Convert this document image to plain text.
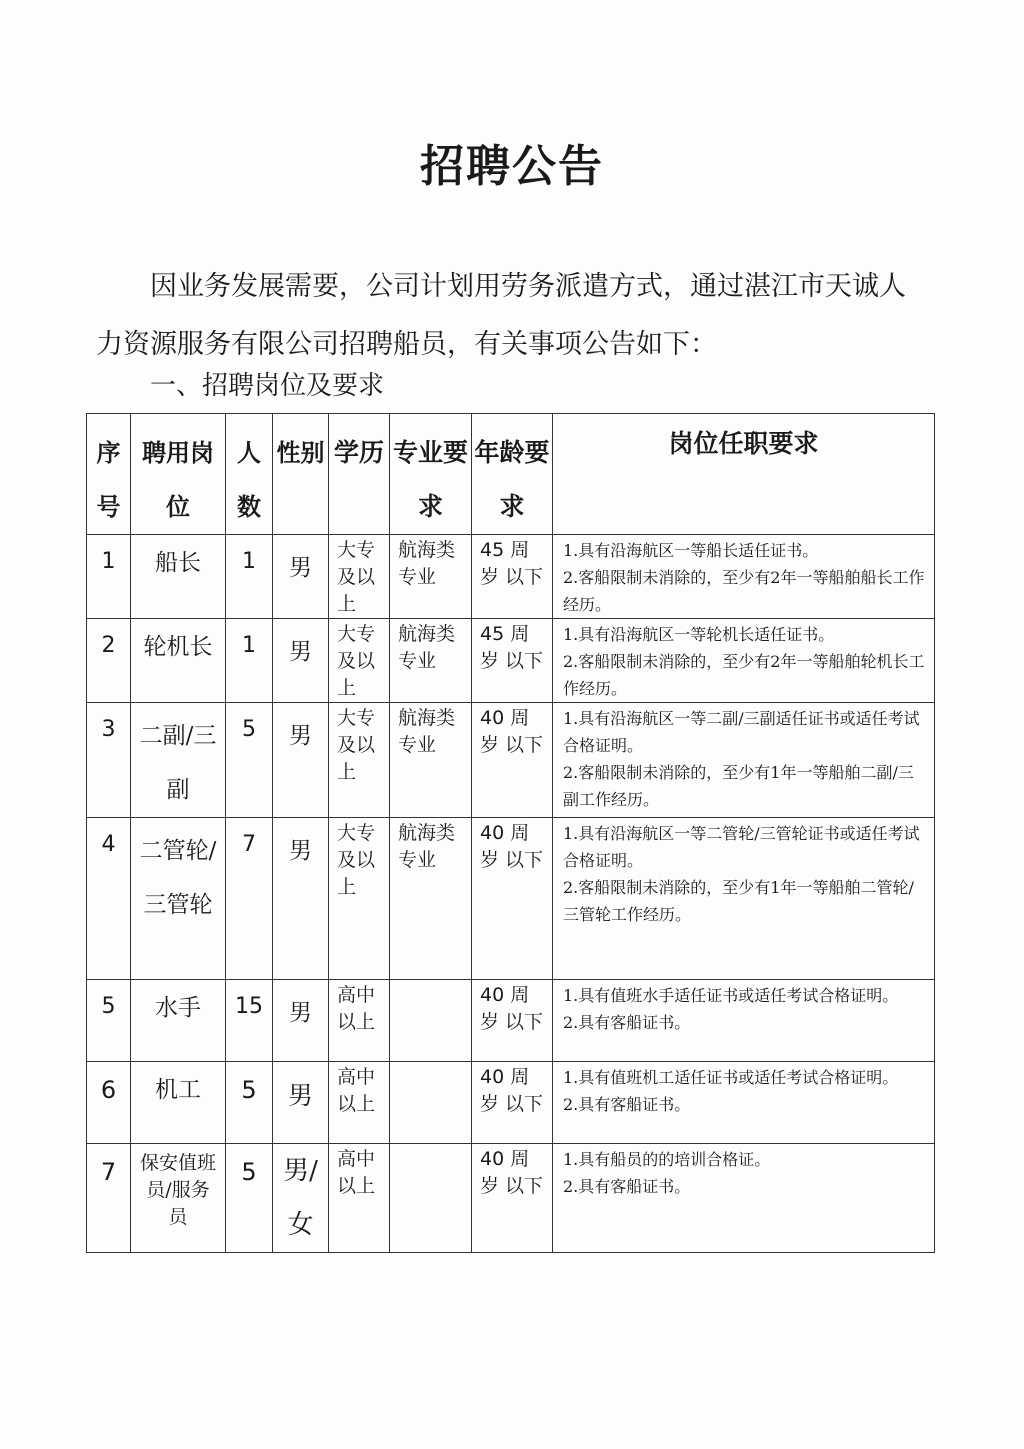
招聘公告

因业务发展需要，公司计划用劳务派遣方式，通过湛江市天诚人力资源服务有限公司招聘船员，有关事项公告如下：

一、招聘岗位及要求
序号	聘用岗位	人数	性别	学历	专业要求	年龄要求	岗位任职要求
1	船长	1	男	大专及以上	航海类专业	45 周岁 以下	1.具有沿海航区一等船长适任证书。
2.客船限制未消除的，至少有2年一等船舶船长工作经历。

2	轮机长	1	男	大专及以上	航海类专业	45 周岁 以下	1.具有沿海航区一等轮机长适任证书。
2.客船限制未消除的，至少有2年一等船舶轮机长工作经历。

3	二副/三副	5	男	大专及以上	航海类专业	40 周岁 以下	1.具有沿海航区一等二副/三副适任证书或适任考试合格证明。
2.客船限制未消除的，至少有1年一等船舶二副/三副工作经历。

4	二管轮/三管轮	7	男	大专及以上	航海类专业	40 周岁 以下	1.具有沿海航区一等二管轮/三管轮证书或适任考试合格证明。
2.客船限制未消除的，至少有1年一等船舶二管轮/三管轮工作经历。

5	水手	15	男	高中以上		40 周岁 以下	1.具有值班水手适任证书或适任考试合格证明。
2.具有客船证书。

6	机工	5	男	高中以上		40 周岁 以下	1.具有值班机工适任证书或适任考试合格证明。
2.具有客船证书。

7	保安值班员/服务员	5	男/女	高中以上		40 周岁 以下	1.具有船员的的培训合格证。
2.具有客船证书。
